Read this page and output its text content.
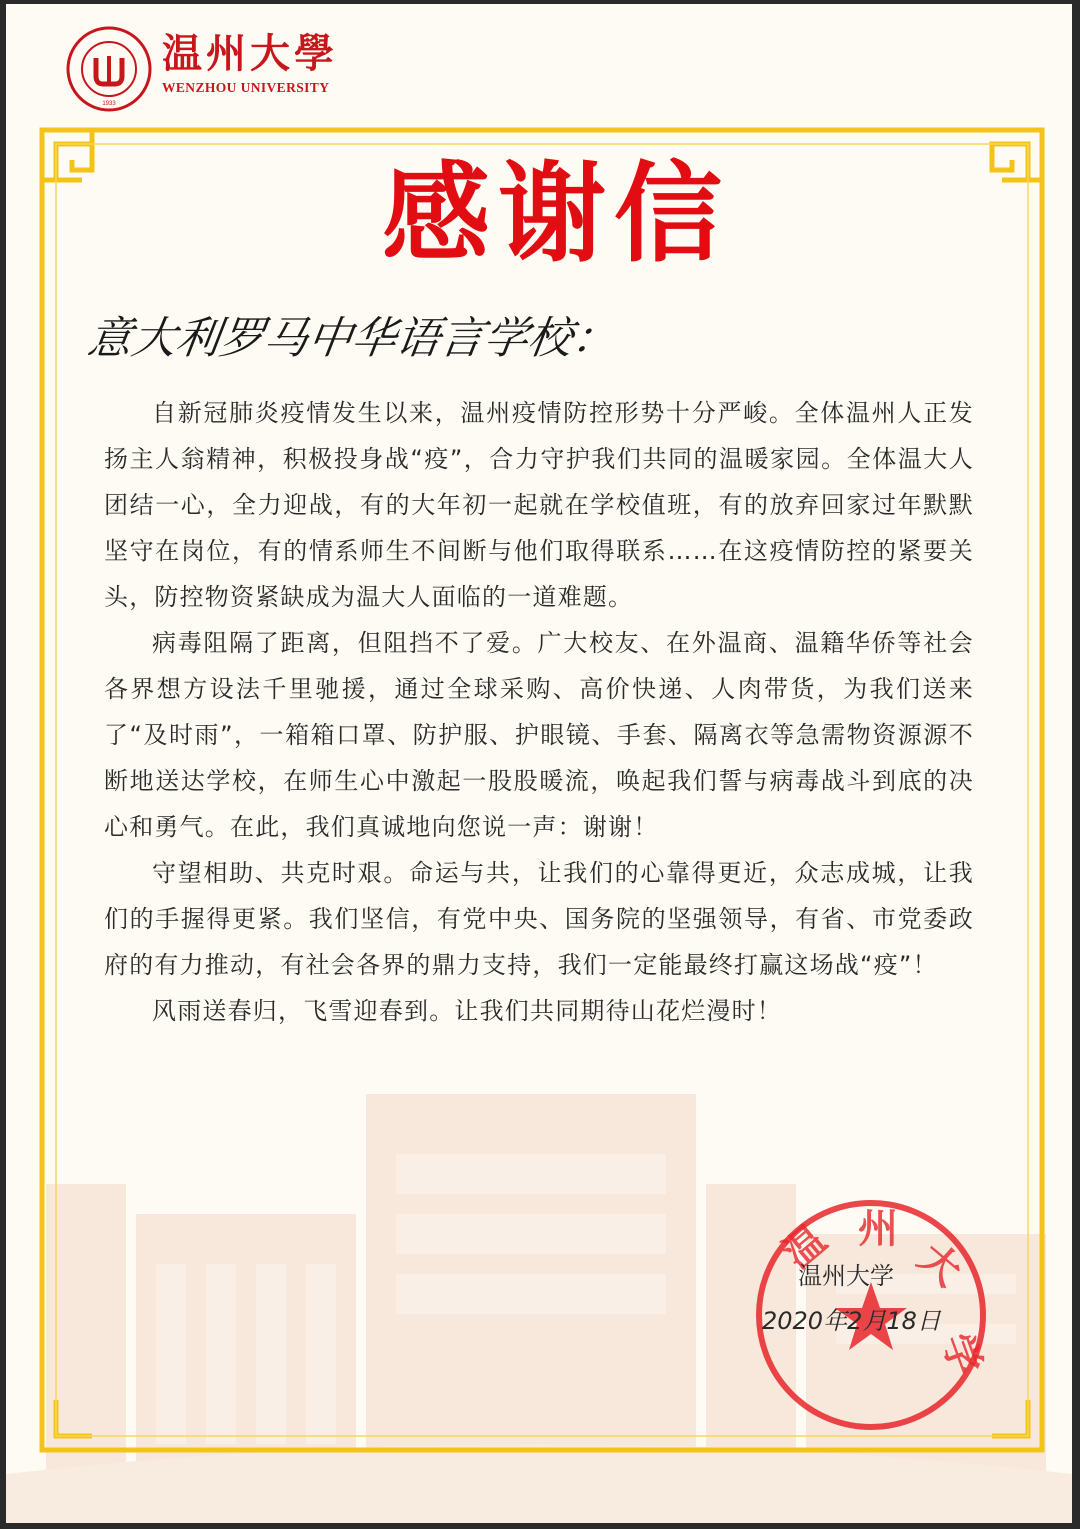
1933
温州大學
WENZHOU UNIVERSITY
感谢信
意大利罗马中华语言学校：

自新冠肺炎疫情发生以来，温州疫情防控形势十分严峻。全体温州人正发扬主人翁精神，积极投身战“疫”，合力守护我们共同的温暖家园。全体温大人团结一心，全力迎战，有的大年初一起就在学校值班，有的放弃回家过年默默坚守在岗位，有的情系师生不间断与他们取得联系……在这疫情防控的紧要关头，防控物资紧缺成为温大人面临的一道难题。

病毒阻隔了距离，但阻挡不了爱。广大校友、在外温商、温籍华侨等社会各界想方设法千里驰援，通过全球采购、高价快递、人肉带货，为我们送来了“及时雨”，一箱箱口罩、防护服、护眼镜、手套、隔离衣等急需物资源源不断地送达学校，在师生心中激起一股股暖流，唤起我们誓与病毒战斗到底的决心和勇气。在此，我们真诚地向您说一声：谢谢！

守望相助、共克时艰。命运与共，让我们的心靠得更近，众志成城，让我们的手握得更紧。我们坚信，有党中央、国务院的坚强领导，有省、市党委政府的有力推动，有社会各界的鼎力支持，我们一定能最终打赢这场战“疫”！

风雨送春归，飞雪迎春到。让我们共同期待山花烂漫时！

温 州
大
学
温州大学
2020年2月18日
